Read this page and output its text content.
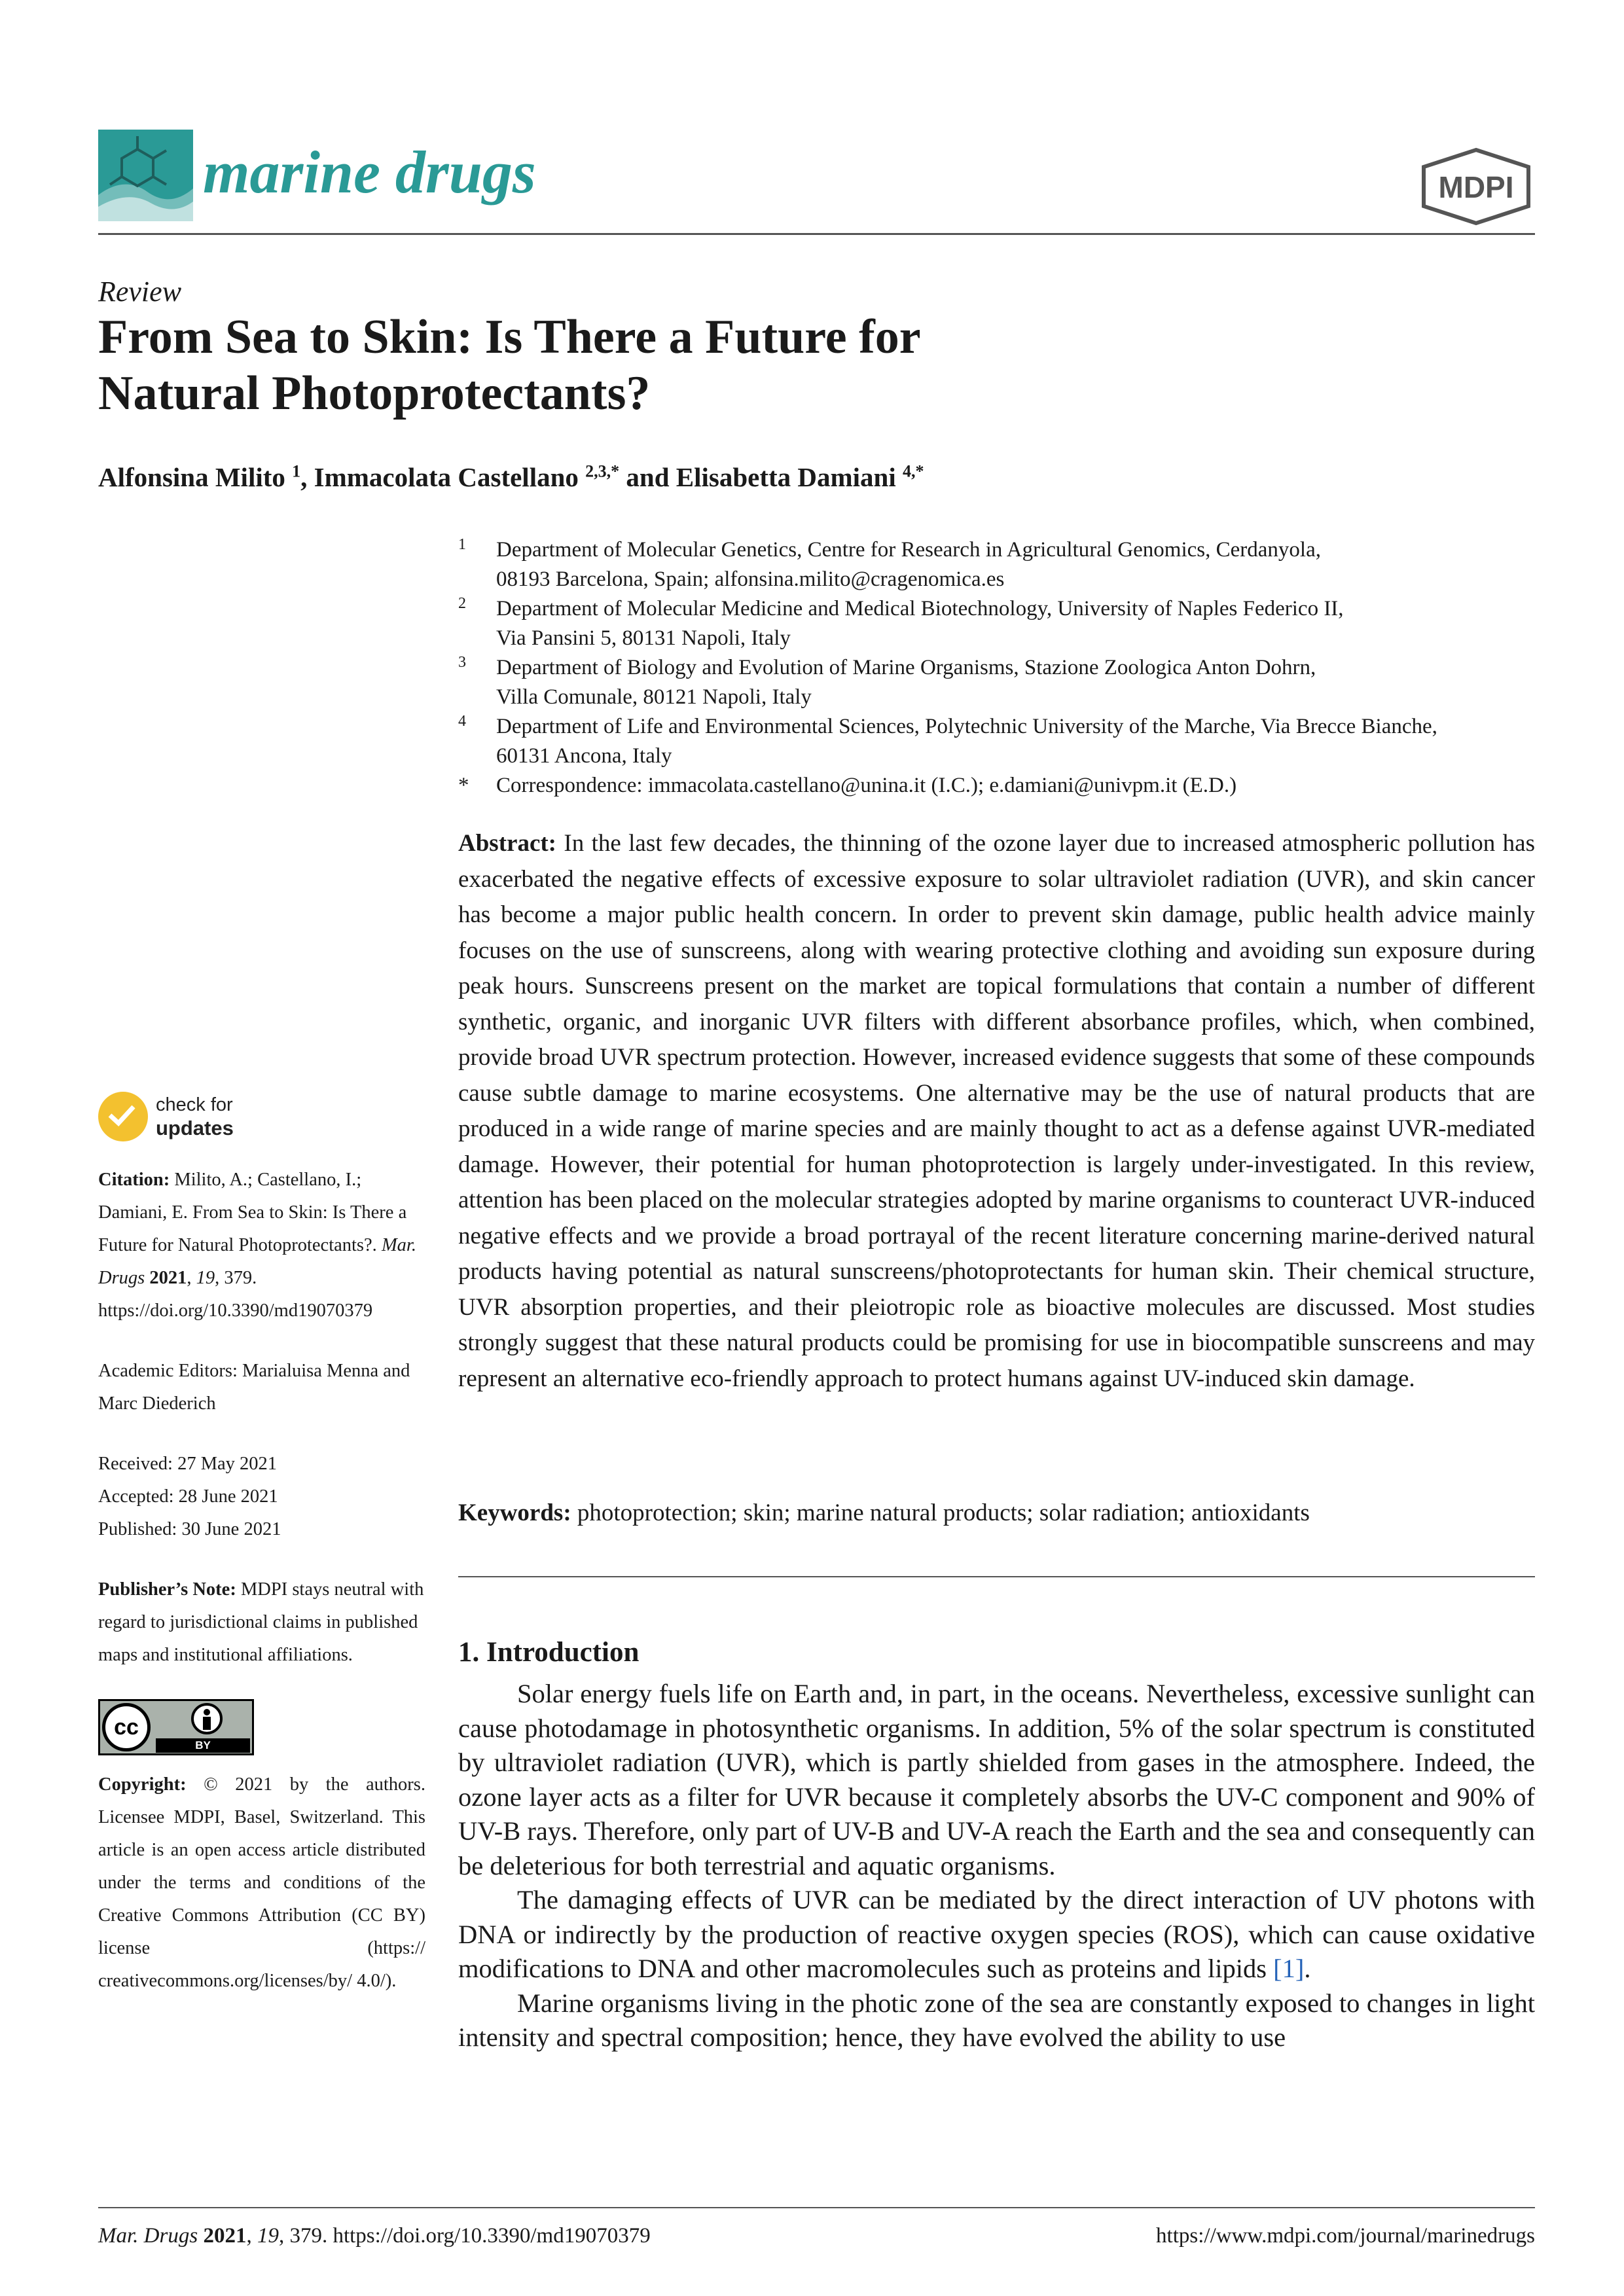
marine drugs	MDPI
Review
From Sea to Skin: Is There a Future for Natural Photoprotectants?
Alfonsina Milito $^1$, Immacolata Castellano $^{2,3,*}$ and Elisabetta Damiani $^{4,*}$
1 Department of Molecular Genetics, Centre for Research in Agricultural Genomics, Cerdanyola,
08193 Barcelona, Spain; alfonsina.milito@cragenomica.es
2 Department of Molecular Medicine and Medical Biotechnology, University of Naples Federico II,
Via Pansini 5, 80131 Napoli, Italy
3 Department of Biology and Evolution of Marine Organisms, Stazione Zoologica Anton Dohrn,
Villa Comunale, 80121 Napoli, Italy
4 Department of Life and Environmental Sciences, Polytechnic University of the Marche, Via Brecce Bianche,
60131 Ancona, Italy
* Correspondence: immacolata.castellano@unina.it (I.C.); e.damiani@univpm.it (E.D.)
Abstract: In the last few decades, the thinning of the ozone layer due to increased atmospheric pollution has exacerbated the negative effects of excessive exposure to solar ultraviolet radiation (UVR), and skin cancer has become a major public health concern. In order to prevent skin damage, public health advice mainly focuses on the use of sunscreens, along with wearing protective clothing and avoiding sun exposure during peak hours. Sunscreens present on the market are topical formulations that contain a number of different synthetic, organic, and inorganic UVR filters with different absorbance profiles, which, when combined, provide broad UVR spectrum protection. However, increased evidence suggests that some of these compounds cause subtle damage to marine ecosystems. One alternative may be the use of natural products that are produced in a wide range of marine species and are mainly thought to act as a defense against UVR-mediated damage. However, their potential for human photoprotection is largely under-investigated. In this review, attention has been placed on the molecular strategies adopted by marine organisms to counteract UVR-induced negative effects and we provide a broad portrayal of the recent literature concerning marine-derived natural products having potential as natural sunscreens/photoprotectants for human skin. Their chemical structure, UVR absorption properties, and their pleiotropic role as bioactive molecules are discussed. Most studies strongly suggest that these natural products could be promising for use in biocompatible sunscreens and may represent an alternative eco-friendly approach to protect humans against UV-induced skin damage.
Keywords: photoprotection; skin; marine natural products; solar radiation; antioxidants
check for
updates
Citation: Milito, A.; Castellano, I.; Damiani, E. From Sea to Skin: Is There a Future for Natural Photoprotectants?. Mar. Drugs 2021, 19, 379. https://doi.org/10.3390/md19070379
Academic Editors: Marialuisa Menna and Marc Diederich
Received: 27 May 2021
Accepted: 28 June 2021
Published: 30 June 2021
Publisher’s Note: MDPI stays neutral with regard to jurisdictional claims in published maps and institutional affiliations.
cc
BY
Copyright: © 2021 by the authors. Licensee MDPI, Basel, Switzerland. This article is an open access article distributed under the terms and conditions of the Creative Commons Attribution (CC BY) license (https:// creativecommons.org/licenses/by/ 4.0/).
1. Introduction

Solar energy fuels life on Earth and, in part, in the oceans. Nevertheless, excessive sunlight can cause photodamage in photosynthetic organisms. In addition, 5% of the solar spectrum is constituted by ultraviolet radiation (UVR), which is partly shielded from gases in the atmosphere. Indeed, the ozone layer acts as a filter for UVR because it completely absorbs the UV-C component and 90% of UV-B rays. Therefore, only part of UV-B and UV-A reach the Earth and the sea and consequently can be deleterious for both terrestrial and aquatic organisms.

The damaging effects of UVR can be mediated by the direct interaction of UV photons with DNA or indirectly by the production of reactive oxygen species (ROS), which can cause oxidative modifications to DNA and other macromolecules such as proteins and lipids [1].

Marine organisms living in the photic zone of the sea are constantly exposed to changes in light intensity and spectral composition; hence, they have evolved the ability to use

Mar. Drugs 2021, 19, 379. https://doi.org/10.3390/md19070379	https://www.mdpi.com/journal/marinedrugs
